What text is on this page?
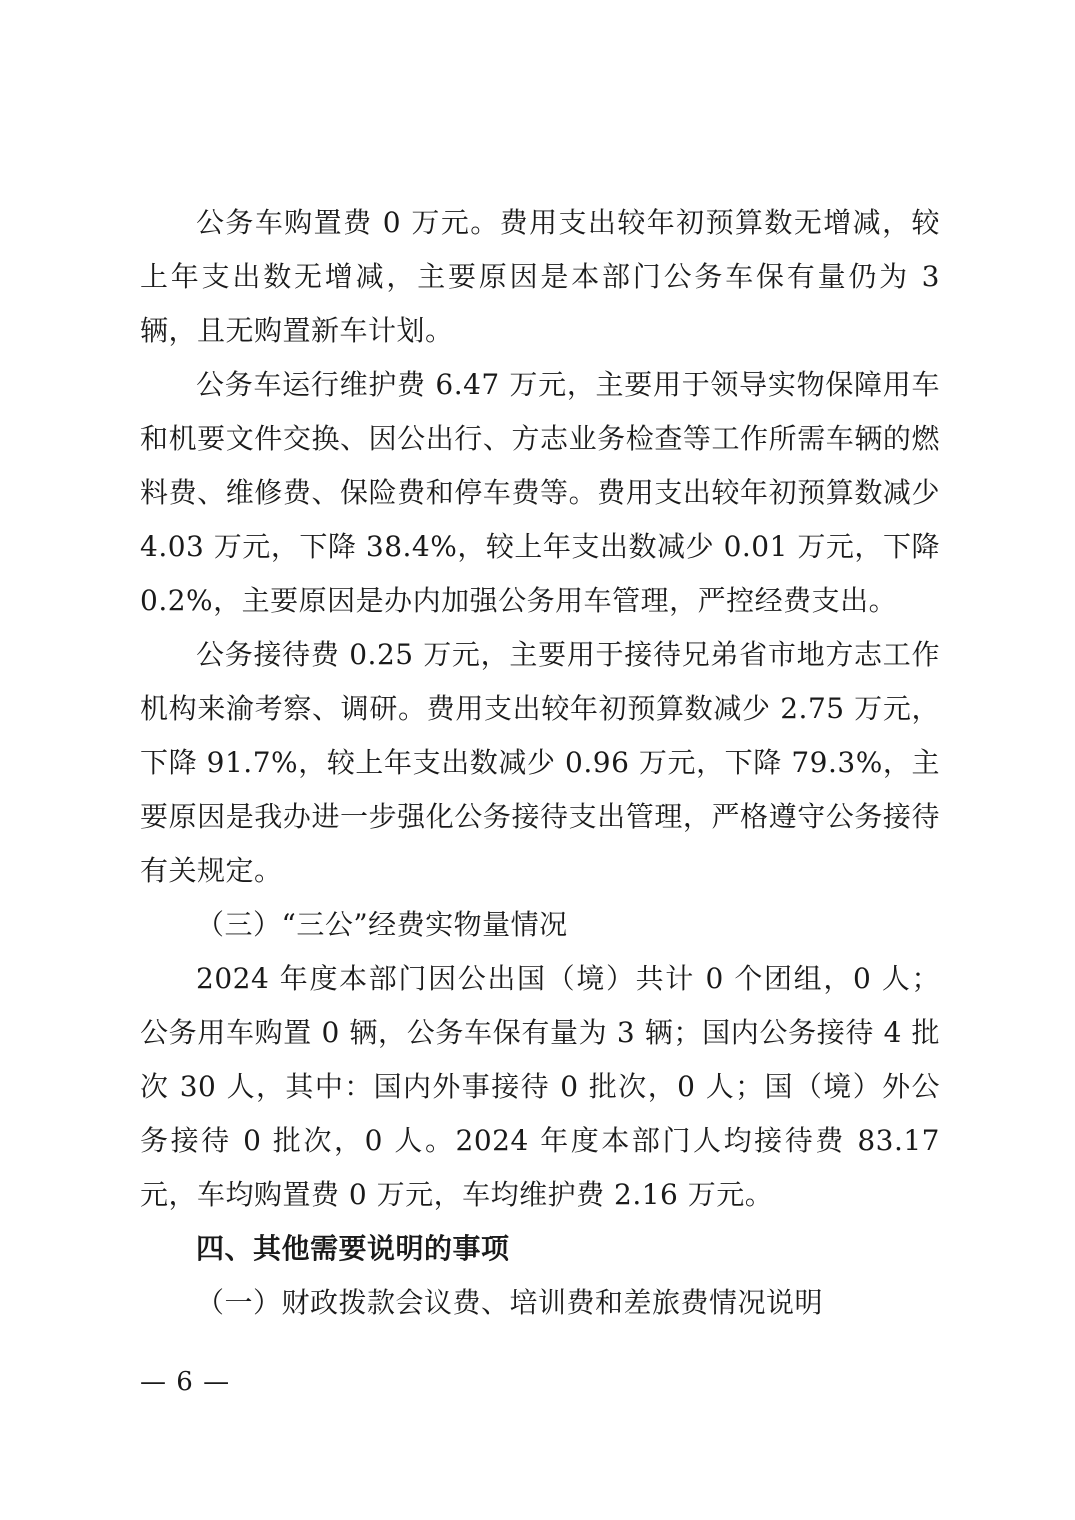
公务车购置费 0 万元。费用支出较年初预算数无增减，较上年支出数无增减，主要原因是本部门公务车保有量仍为 3 辆，且无购置新车计划。

公务车运行维护费 6.47 万元，主要用于领导实物保障用车和机要文件交换、因公出行、方志业务检查等工作所需车辆的燃料费、维修费、保险费和停车费等。费用支出较年初预算数减少 4.03 万元，下降 38.4%，较上年支出数减少 0.01 万元，下降 0.2%，主要原因是办内加强公务用车管理，严控经费支出。

公务接待费 0.25 万元，主要用于接待兄弟省市地方志工作机构来渝考察、调研。费用支出较年初预算数减少 2.75 万元，下降 91.7%，较上年支出数减少 0.96 万元，下降 79.3%，主要原因是我办进一步强化公务接待支出管理，严格遵守公务接待有关规定。

（三）“三公”经费实物量情况

2024 年度本部门因公出国（境）共计 0 个团组，0 人；公务用车购置 0 辆，公务车保有量为 3 辆；国内公务接待 4 批次 30 人，其中：国内外事接待 0 批次，0 人；国（境）外公务接待 0 批次，0 人。2024 年度本部门人均接待费 83.17 元，车均购置费 0 万元，车均维护费 2.16 万元。

四、其他需要说明的事项

（一）财政拨款会议费、培训费和差旅费情况说明

— 6 —
